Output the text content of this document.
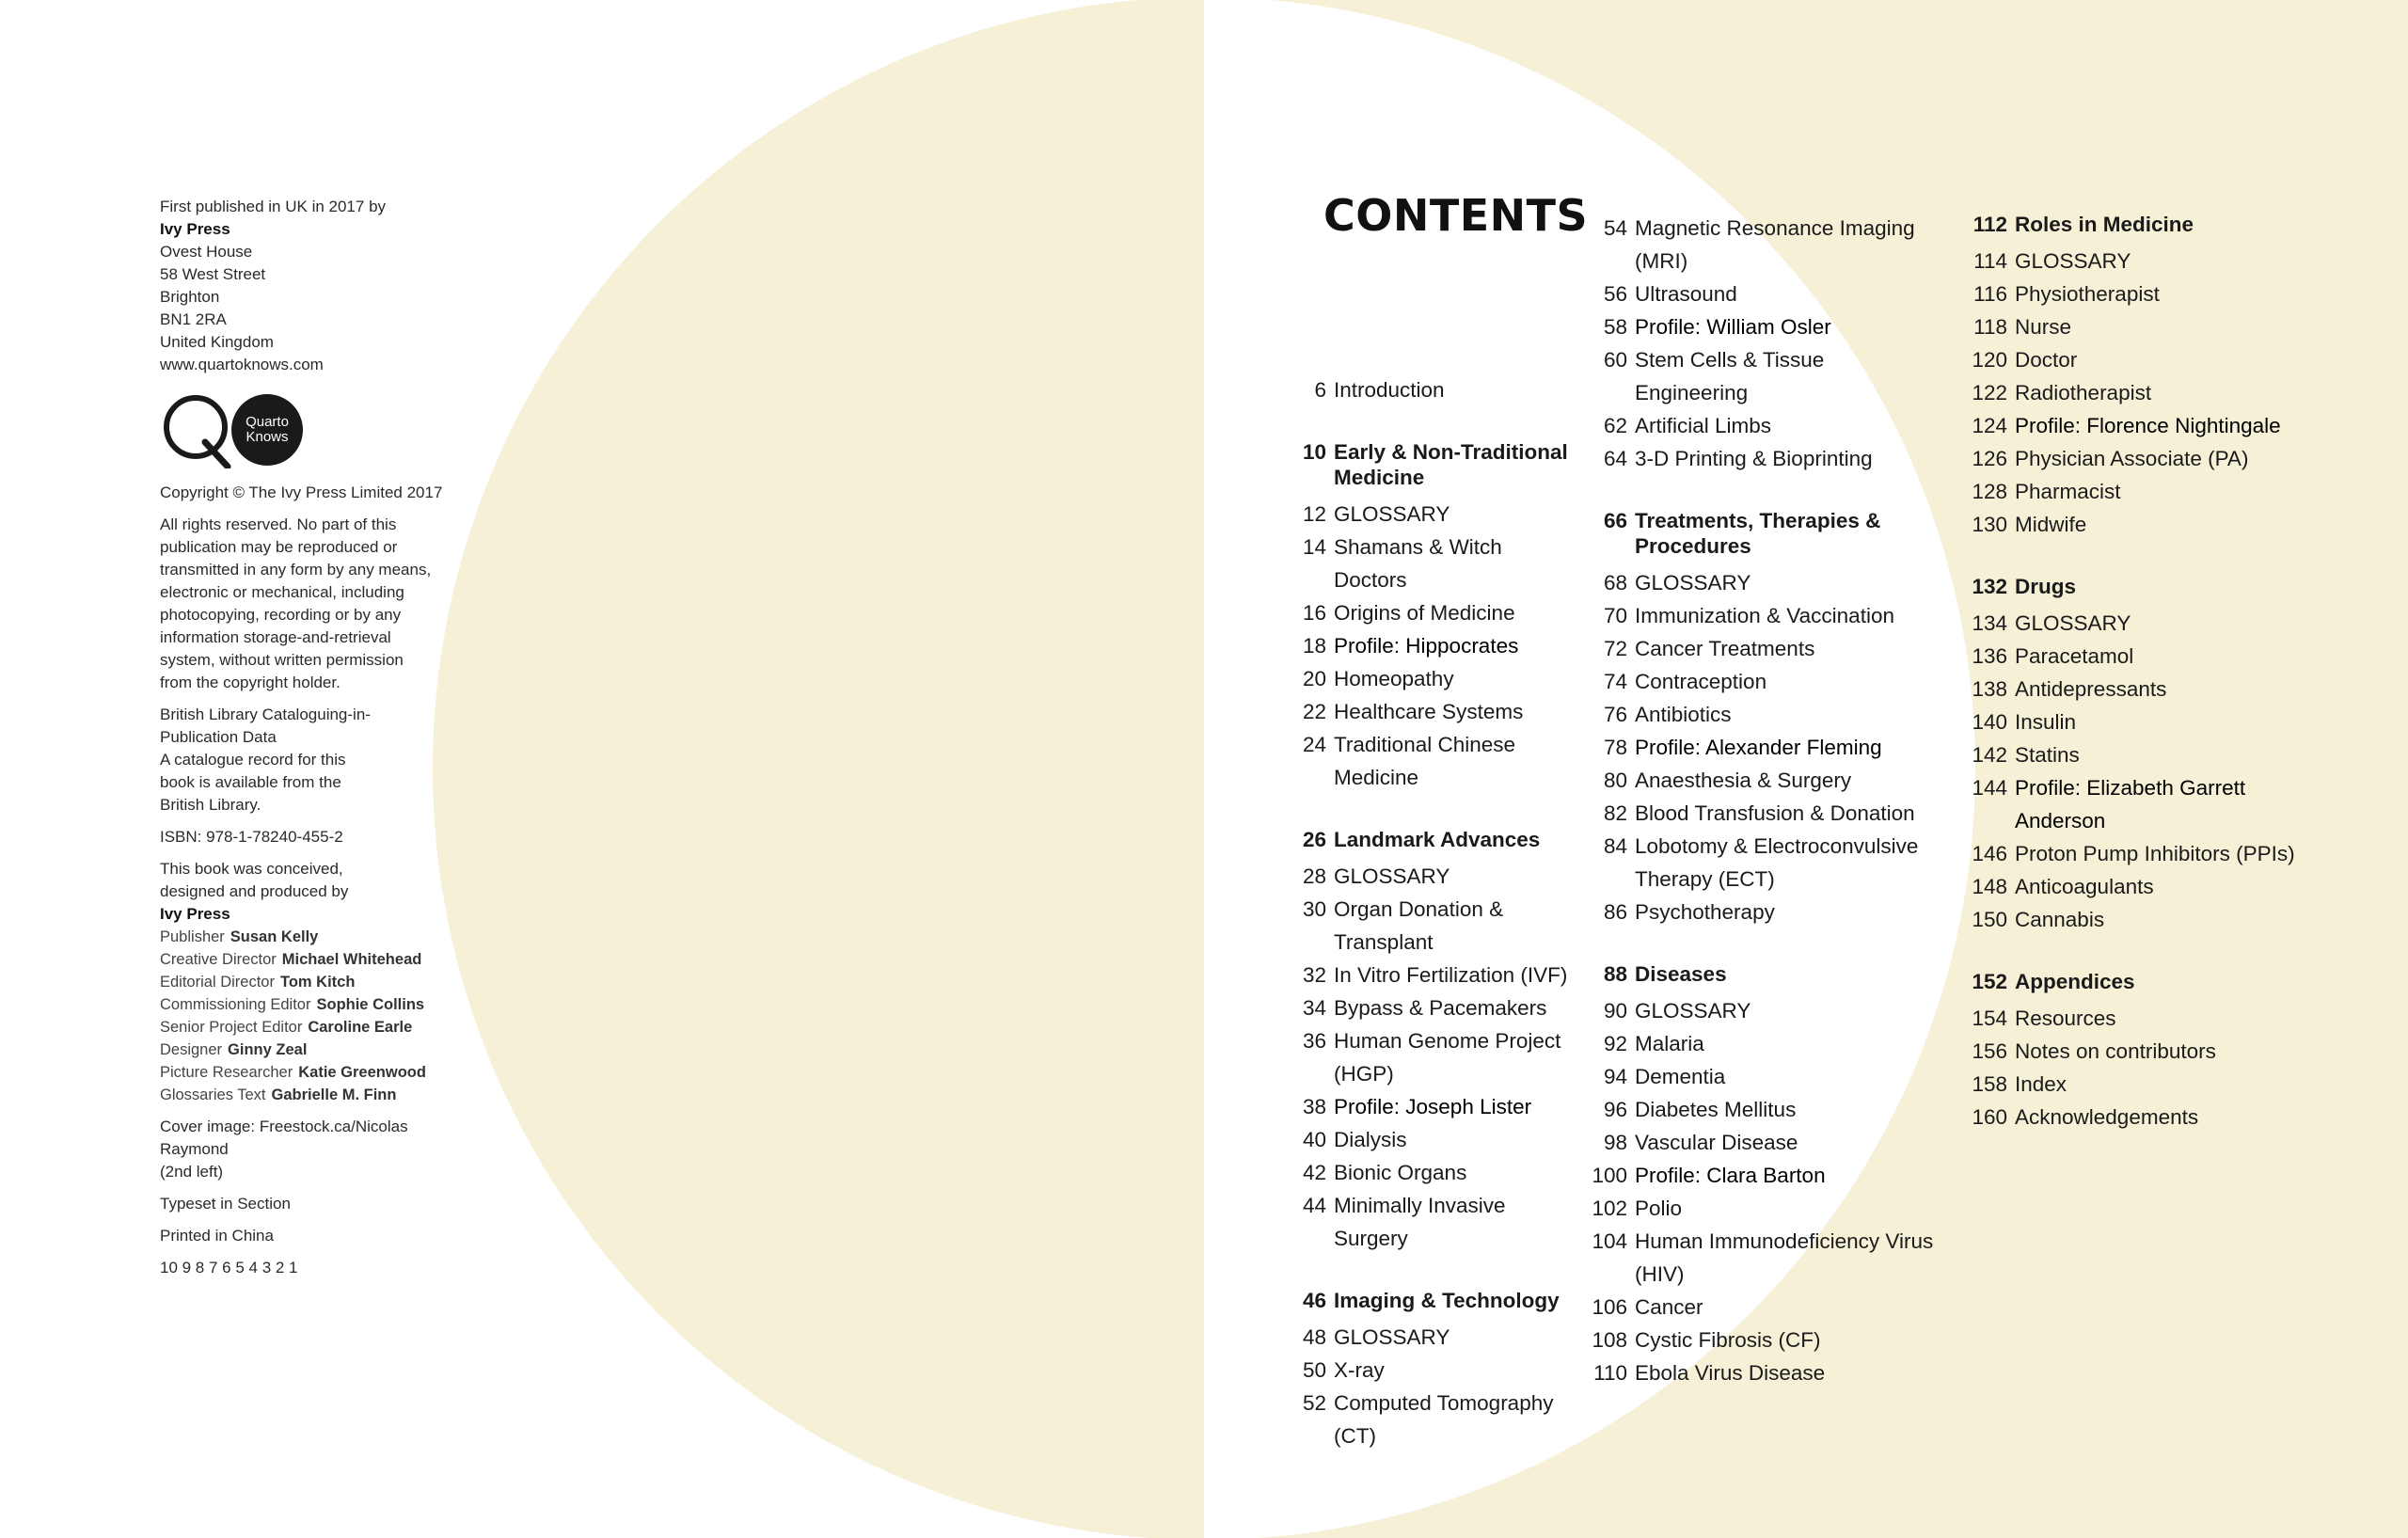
First published in UK in 2017 by
Ivy Press
Ovest House
58 West Street
Brighton
BN1 2RA
United Kingdom
www.quartoknows.com
Quarto
Knows
Copyright © The Ivy Press Limited 2017
All rights reserved. No part of this
publication may be reproduced or
transmitted in any form by any means,
electronic or mechanical, including
photocopying, recording or by any
information storage-and-retrieval
system, without written permission
from the copyright holder.
British Library Cataloguing-in-
Publication Data
A catalogue record for this
book is available from the
British Library.
ISBN: 978-1-78240-455-2
This book was conceived,
designed and produced by
Ivy Press
Publisher Susan Kelly
Creative Director Michael Whitehead
Editorial Director Tom Kitch
Commissioning Editor Sophie Collins
Senior Project Editor Caroline Earle
Designer Ginny Zeal
Picture Researcher Katie Greenwood
Glossaries Text Gabrielle M. Finn
Cover image: Freestock.ca/Nicolas Raymond
(2nd left)
Typeset in Section
Printed in China
10 9 8 7 6 5 4 3 2 1
CONTENTS
6 Introduction
10 Early & Non-Traditional Medicine
12 GLOSSARY
14 Shamans & Witch Doctors
16 Origins of Medicine
18 Profile: Hippocrates
20 Homeopathy
22 Healthcare Systems
24 Traditional Chinese Medicine
26 Landmark Advances
28 GLOSSARY
30 Organ Donation & Transplant
32 In Vitro Fertilization (IVF)
34 Bypass & Pacemakers
36 Human Genome Project (HGP)
38 Profile: Joseph Lister
40 Dialysis
42 Bionic Organs
44 Minimally Invasive Surgery
46 Imaging & Technology
48 GLOSSARY
50 X-ray
52 Computed Tomography (CT)
54 Magnetic Resonance Imaging (MRI)
56 Ultrasound
58 Profile: William Osler
60 Stem Cells & Tissue Engineering
62 Artificial Limbs
64 3-D Printing & Bioprinting
66 Treatments, Therapies & Procedures
68 GLOSSARY
70 Immunization & Vaccination
72 Cancer Treatments
74 Contraception
76 Antibiotics
78 Profile: Alexander Fleming
80 Anaesthesia & Surgery
82 Blood Transfusion & Donation
84 Lobotomy & Electroconvulsive Therapy (ECT)
86 Psychotherapy
88 Diseases
90 GLOSSARY
92 Malaria
94 Dementia
96 Diabetes Mellitus
98 Vascular Disease
100 Profile: Clara Barton
102 Polio
104 Human Immunodeficiency Virus (HIV)
106 Cancer
108 Cystic Fibrosis (CF)
110 Ebola Virus Disease
112 Roles in Medicine
114 GLOSSARY
116 Physiotherapist
118 Nurse
120 Doctor
122 Radiotherapist
124 Profile: Florence Nightingale
126 Physician Associate (PA)
128 Pharmacist
130 Midwife
132 Drugs
134 GLOSSARY
136 Paracetamol
138 Antidepressants
140 Insulin
142 Statins
144 Profile: Elizabeth Garrett Anderson
146 Proton Pump Inhibitors (PPIs)
148 Anticoagulants
150 Cannabis
152 Appendices
154 Resources
156 Notes on contributors
158 Index
160 Acknowledgements
